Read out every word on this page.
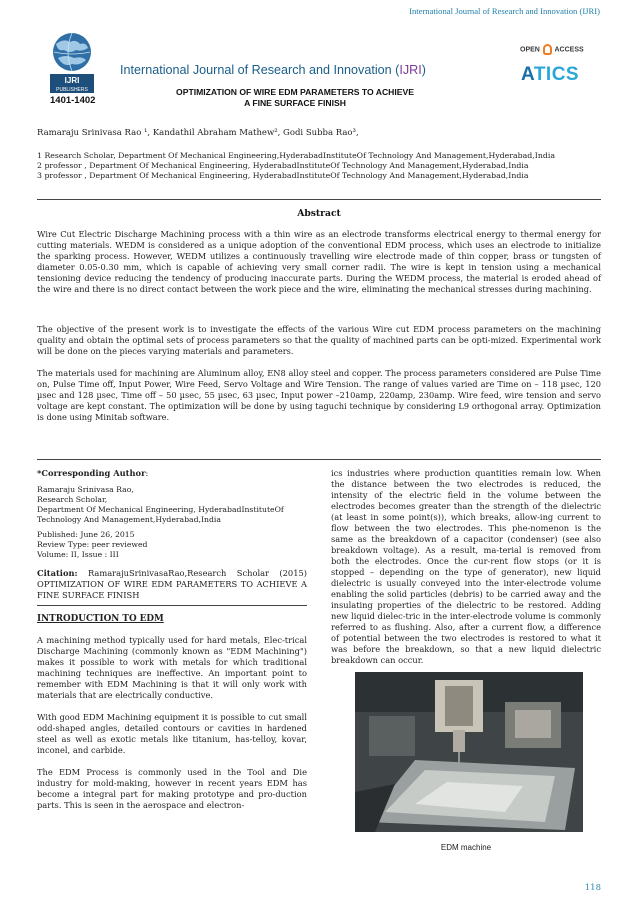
International Journal of Research and Innovation (IJRI)
IJRI
PUBLISHERS
1401-1402
International Journal of Research and Innovation (IJRI)
OPTIMIZATION OF WIRE EDM PARAMETERS TO ACHIEVE
A FINE SURFACE FINISH
OPEN ACCESS
ATICS
Ramaraju Srinivasa Rao ¹, Kandathil Abraham Mathew², Godi Subba Rao³,
1 Research Scholar, Department Of Mechanical Engineering,HyderabadInstituteOf Technology And Management,Hyderabad,India
2 professor , Department Of Mechanical Engineering, HyderabadInstituteOf Technology And Management,Hyderabad,India
3 professor , Department Of Mechanical Engineering, HyderabadInstituteOf Technology And Management,Hyderabad,India
Abstract
Wire Cut Electric Discharge Machining process with a thin wire as an electrode transforms electrical energy to thermal energy for cutting materials. WEDM is considered as a unique adoption of the conventional EDM process, which uses an electrode to initialize the sparking process. However, WEDM utilizes a continuously travelling wire electrode made of thin copper, brass or tungsten of diameter 0.05-0.30 mm, which is capable of achieving very small corner radii. The wire is kept in tension using a mechanical tensioning device reducing the tendency of producing inaccurate parts. During the WEDM process, the material is eroded ahead of the wire and there is no direct contact between the work piece and the wire, eliminating the mechanical stresses during machining.
The objective of the present work is to investigate the effects of the various Wire cut EDM process parameters on the machining quality and obtain the optimal sets of process parameters so that the quality of machined parts can be opti-mized. Experimental work will be done on the pieces varying materials and parameters.
The materials used for machining are Aluminum alloy, EN8 alloy steel and copper. The process parameters considered are Pulse Time on, Pulse Time off, Input Power, Wire Feed, Servo Voltage and Wire Tension. The range of values varied are Time on – 118 µsec, 120 µsec and 128 µsec, Time off – 50 µsec, 55 µsec, 63 µsec, Input power –210amp, 220amp, 230amp. Wire feed, wire tension and servo voltage are kept constant. The optimization will be done by using taguchi technique by considering L9 orthogonal array. Optimization is done using Minitab software.
*Corresponding Author:
Ramaraju Srinivasa Rao,
Research Scholar,
Department Of Mechanical Engineering, HyderabadInstituteOf
Technology And Management,Hyderabad,India
Published: June 26, 2015
Review Type: peer reviewed
Volume: II, Issue : III
Citation: RamarajuSrinivasaRao,Research Scholar (2015) OPTIMIZATION OF WIRE EDM PARAMETERS TO ACHIEVE A FINE SURFACE FINISH
INTRODUCTION TO EDM
A machining method typically used for hard metals, Elec-trical Discharge Machining (commonly known as "EDM Machining") makes it possible to work with metals for which traditional machining techniques are ineffective. An important point to remember with EDM Machining is that it will only work with materials that are electrically conductive.
With good EDM Machining equipment it is possible to cut small odd-shaped angles, detailed contours or cavities in hardened steel as well as exotic metals like titanium, has-telloy, kovar, inconel, and carbide.
The EDM Process is commonly used in the Tool and Die industry for mold-making, however in recent years EDM has become a integral part for making prototype and pro-duction parts. This is seen in the aerospace and electron-
ics industries where production quantities remain low. When the distance between the two electrodes is reduced, the intensity of the electric field in the volume between the electrodes becomes greater than the strength of the dielectric (at least in some point(s)), which breaks, allow-ing current to flow between the two electrodes. This phe-nomenon is the same as the breakdown of a capacitor (condenser) (see also breakdown voltage). As a result, ma-terial is removed from both the electrodes. Once the cur-rent flow stops (or it is stopped – depending on the type of generator), new liquid dielectric is usually conveyed into the inter-electrode volume enabling the solid particles (debris) to be carried away and the insulating properties of the dielectric to be restored. Adding new liquid dielec-tric in the inter-electrode volume is commonly referred to as flushing. Also, after a current flow, a difference of potential between the two electrodes is restored to what it was before the breakdown, so that a new liquid dielectric breakdown can occur.
EDM machine
118
